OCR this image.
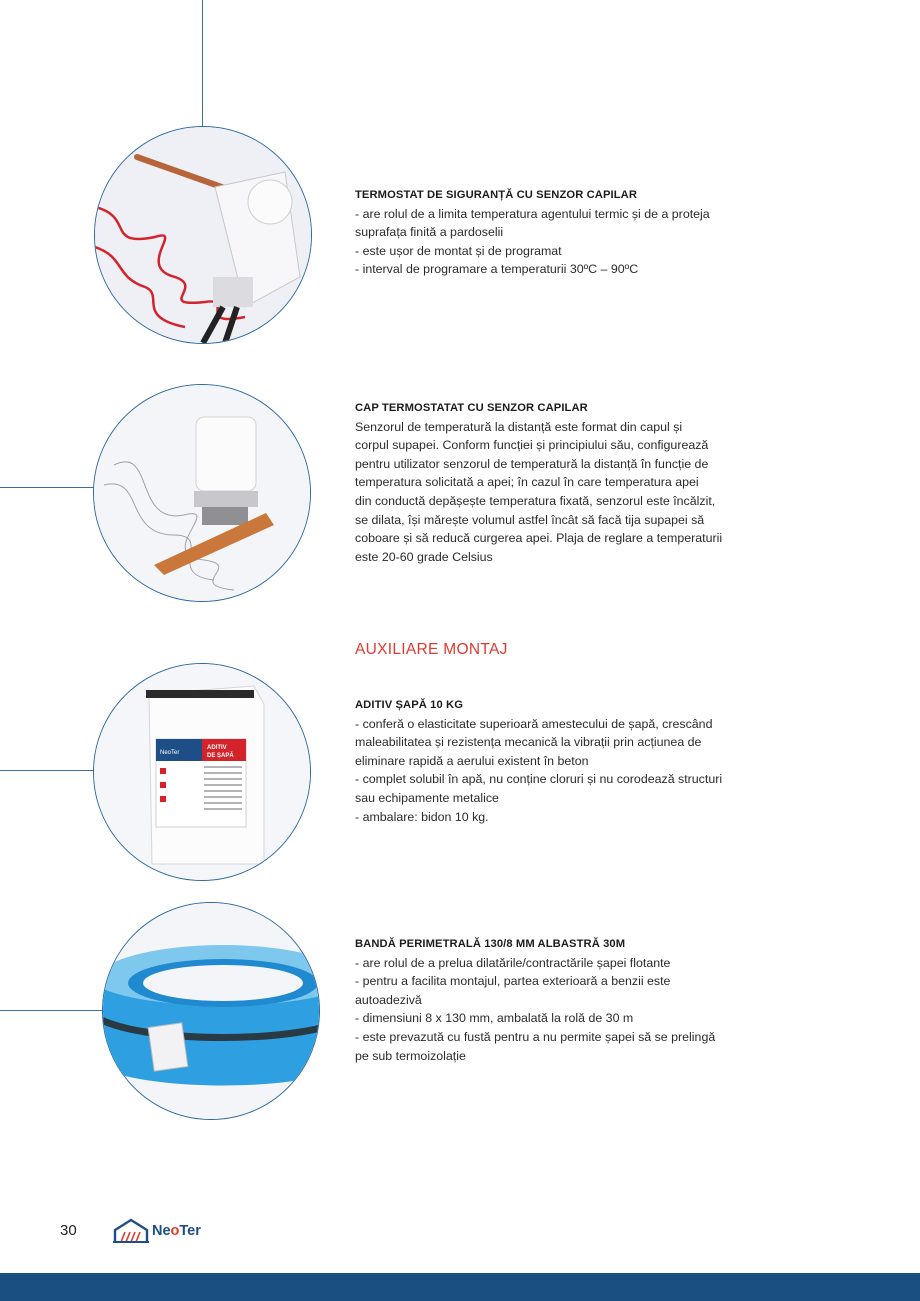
TERMOSTAT DE SIGURANȚĂ CU SENZOR CAPILAR

- are rolul de a limita temperatura agentului termic și de a proteja

suprafața finită a pardoselii

- este ușor de montat și de programat

- interval de programare a temperaturii 30ºC – 90ºC

CAP TERMOSTATAT CU SENZOR CAPILAR

Senzorul de temperatură la distanță este format din capul și

corpul supapei. Conform funcției și principiului său, configurează

pentru utilizator senzorul de temperatură la distanță în funcție de

temperatura solicitată a apei; în cazul în care temperatura apei

din conductă depășește temperatura fixată, senzorul este încălzit,

se dilata, își mărește volumul astfel încât să facă tija supapei să

coboare și să reducă curgerea apei. Plaja de reglare a temperaturii

este 20-60 grade Celsius

AUXILIARE MONTAJ
NeoTer
ADITIV
DE ȘAPĂ

ADITIV ȘAPĂ 10 KG

- conferă o elasticitate superioară amestecului de șapă, crescând

maleabilitatea și rezistența mecanică la vibrații prin acțiunea de

eliminare rapidă a aerului existent în beton

- complet solubil în apă, nu conține cloruri și nu corodează structuri

sau echipamente metalice

- ambalare: bidon 10 kg.

BANDĂ PERIMETRALĂ 130/8 MM ALBASTRĂ 30M

- are rolul de a prelua dilatările/contractările șapei flotante

- pentru a facilita montajul, partea exterioară a benzii este

autoadezivă

- dimensiuni 8 x 130 mm, ambalată la rolă de 30 m

- este prevazută cu fustă pentru a nu permite șapei să se prelingă

pe sub termoizolație

30	NeoTer
